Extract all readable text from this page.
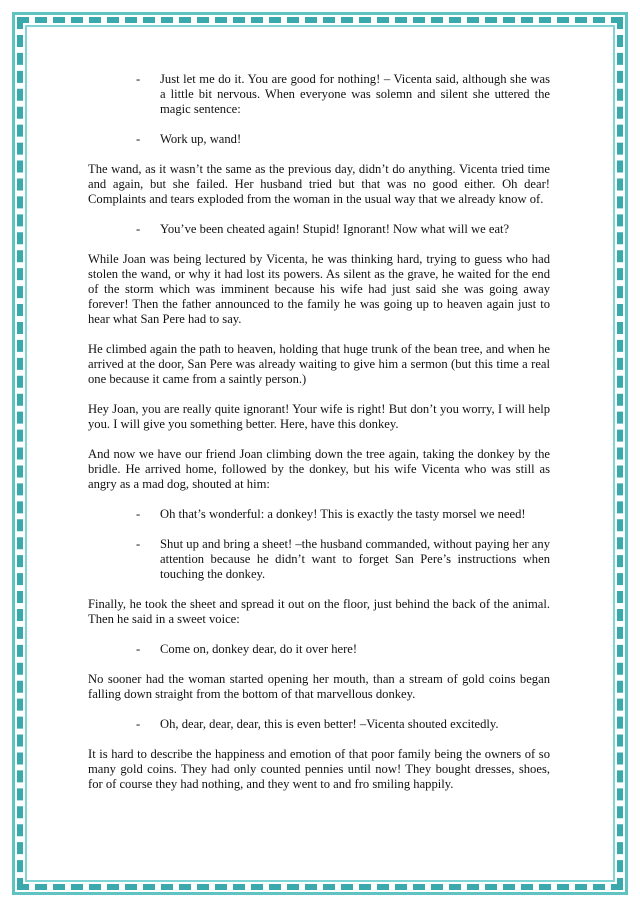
- Just let me do it. You are good for nothing! – Vicenta said, although she was a little bit nervous. When everyone was solemn and silent she uttered the magic sentence:
- Work up, wand!

The wand, as it wasn’t the same as the previous day, didn’t do anything. Vicenta tried time and again, but she failed. Her husband tried but that was no good either. Oh dear! Complaints and tears exploded from the woman in the usual way that we already know of.

- You’ve been cheated again! Stupid! Ignorant! Now what will we eat?

While Joan was being lectured by Vicenta, he was thinking hard, trying to guess who had stolen the wand, or why it had lost its powers. As silent as the grave, he waited for the end of the storm which was imminent because his wife had just said she was going away forever! Then the father announced to the family he was going up to heaven again just to hear what San Pere had to say.

He climbed again the path to heaven, holding that huge trunk of the bean tree, and when he arrived at the door, San Pere was already waiting to give him a sermon (but this time a real one because it came from a saintly person.)

Hey Joan, you are really quite ignorant! Your wife is right! But don’t you worry, I will help you. I will give you something better. Here, have this donkey.

And now we have our friend Joan climbing down the tree again, taking the donkey by the bridle. He arrived home, followed by the donkey, but his wife Vicenta who was still as angry as a mad dog, shouted at him:

- Oh that’s wonderful: a donkey! This is exactly the tasty morsel we need!
- Shut up and bring a sheet! –the husband commanded, without paying her any attention because he didn’t want to forget San Pere’s instructions when touching the donkey.

Finally, he took the sheet and spread it out on the floor, just behind the back of the animal. Then he said in a sweet voice:

- Come on, donkey dear, do it over here!

No sooner had the woman started opening her mouth, than a stream of gold coins began falling down straight from the bottom of that marvellous donkey.

- Oh, dear, dear, dear, this is even better! –Vicenta shouted excitedly.

It is hard to describe the happiness and emotion of that poor family being the owners of so many gold coins. They had only counted pennies until now! They bought dresses, shoes, for of course they had nothing, and they went to and fro smiling happily.
